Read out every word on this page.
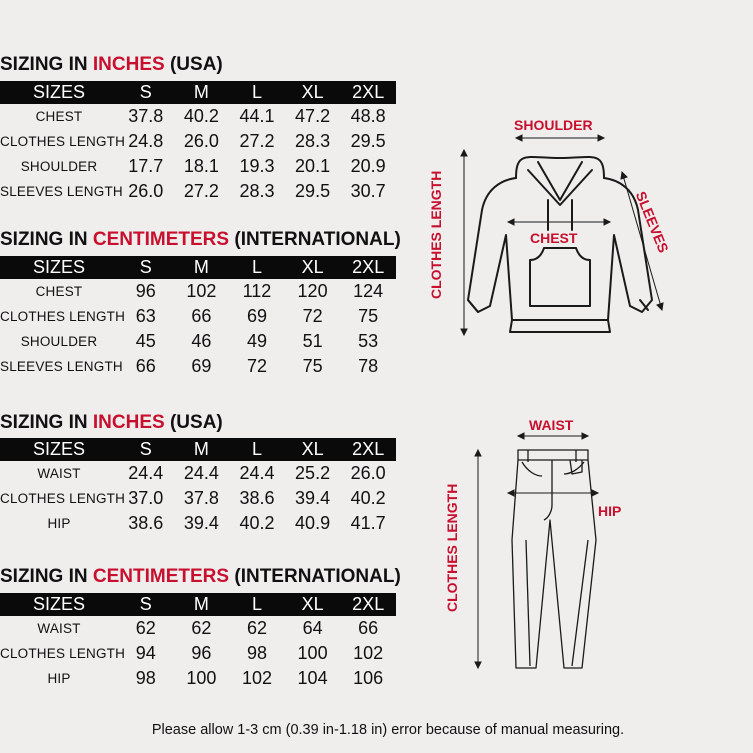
SIZING IN INCHES (USA)
SIZES	S	M	L	XL	2XL
CHEST	37.8	40.2	44.1	47.2	48.8
CLOTHES LENGTH	24.8	26.0	27.2	28.3	29.5
SHOULDER	17.7	18.1	19.3	20.1	20.9
SLEEVES LENGTH	26.0	27.2	28.3	29.5	30.7
SIZING IN CENTIMETERS (INTERNATIONAL)
SIZES	S	M	L	XL	2XL
CHEST	96	102	112	120	124
CLOTHES LENGTH	63	66	69	72	75
SHOULDER	45	46	49	51	53
SLEEVES LENGTH	66	69	72	75	78
SIZING IN INCHES (USA)
SIZES	S	M	L	XL	2XL
WAIST	24.4	24.4	24.4	25.2	26.0
CLOTHES LENGTH	37.0	37.8	38.6	39.4	40.2
HIP	38.6	39.4	40.2	40.9	41.7
SIZING IN CENTIMETERS (INTERNATIONAL)
SIZES	S	M	L	XL	2XL
WAIST	62	62	62	64	66
CLOTHES LENGTH	94	96	98	100	102
HIP	98	100	102	104	106
SHOULDER
CHEST	SLEEVES
CLOTHES LENGTH
WAIST
HIP
CLOTHES LENGTH
Please allow 1-3 cm (0.39 in-1.18 in) error because of manual measuring.
